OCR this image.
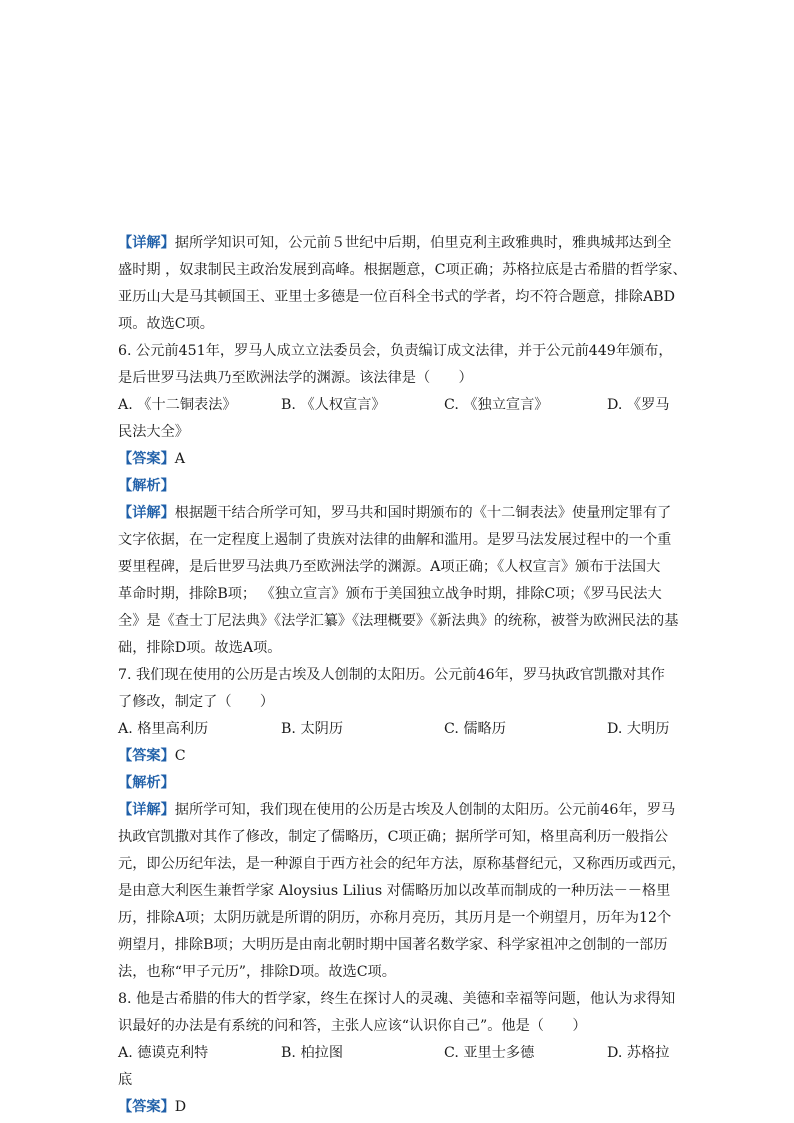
【详解】据所学知识可知，公元前５世纪中后期，伯里克利主政雅典时，雅典城邦达到全
盛时期 ，奴隶制民主政治发展到高峰。根据题意，C项正确；苏格拉底是古希腊的哲学家、
亚历山大是马其顿国王、亚里士多德是一位百科全书式的学者，均不符合题意，排除ABD
项。故选C项。
6. 公元前451年，罗马人成立立法委员会，负责编订成文法律，并于公元前449年颁布，
是后世罗马法典乃至欧洲法学的渊源。该法律是（　　）
A. 《十二铜表法》	B. 《人权宣言》	C. 《独立宣言》	D. 《罗马
民法大全》
【答案】A
【解析】
【详解】根据题干结合所学可知，罗马共和国时期颁布的《十二铜表法》使量刑定罪有了
文字依据，在一定程度上遏制了贵族对法律的曲解和滥用。是罗马法发展过程中的一个重
要里程碑，是后世罗马法典乃至欧洲法学的渊源。A项正确；《人权宣言》颁布于法国大
革命时期，排除B项； 《独立宣言》颁布于美国独立战争时期，排除C项；《罗马民法大
全》是《查士丁尼法典》《法学汇纂》《法理概要》《新法典》的统称，被誉为欧洲民法的基
础，排除D项。故选A项。
7. 我们现在使用的公历是古埃及人创制的太阳历。公元前46年，罗马执政官凯撒对其作
了修改，制定了（　　）
A. 格里高利历	B. 太阴历	C. 儒略历	D. 大明历
【答案】C
【解析】
【详解】据所学可知，我们现在使用的公历是古埃及人创制的太阳历。公元前46年，罗马
执政官凯撒对其作了修改，制定了儒略历，C项正确；据所学可知，格里高利历一般指公
元，即公历纪年法，是一种源自于西方社会的纪年方法，原称基督纪元，又称西历或西元，
是由意大利医生兼哲学家 Aloysius Lilius 对儒略历加以改革而制成的一种历法－－格里
历，排除A项；太阴历就是所谓的阴历，亦称月亮历，其历月是一个朔望月，历年为12个
朔望月，排除B项；大明历是由南北朝时期中国著名数学家、科学家祖冲之创制的一部历
法，也称“甲子元历”，排除D项。故选C项。
8. 他是古希腊的伟大的哲学家，终生在探讨人的灵魂、美德和幸福等问题，他认为求得知
识最好的办法是有系统的问和答，主张人应该“认识你自己”。他是（　　）
A. 德谟克利特	B. 柏拉图	C. 亚里士多德	D. 苏格拉
底
【答案】D
